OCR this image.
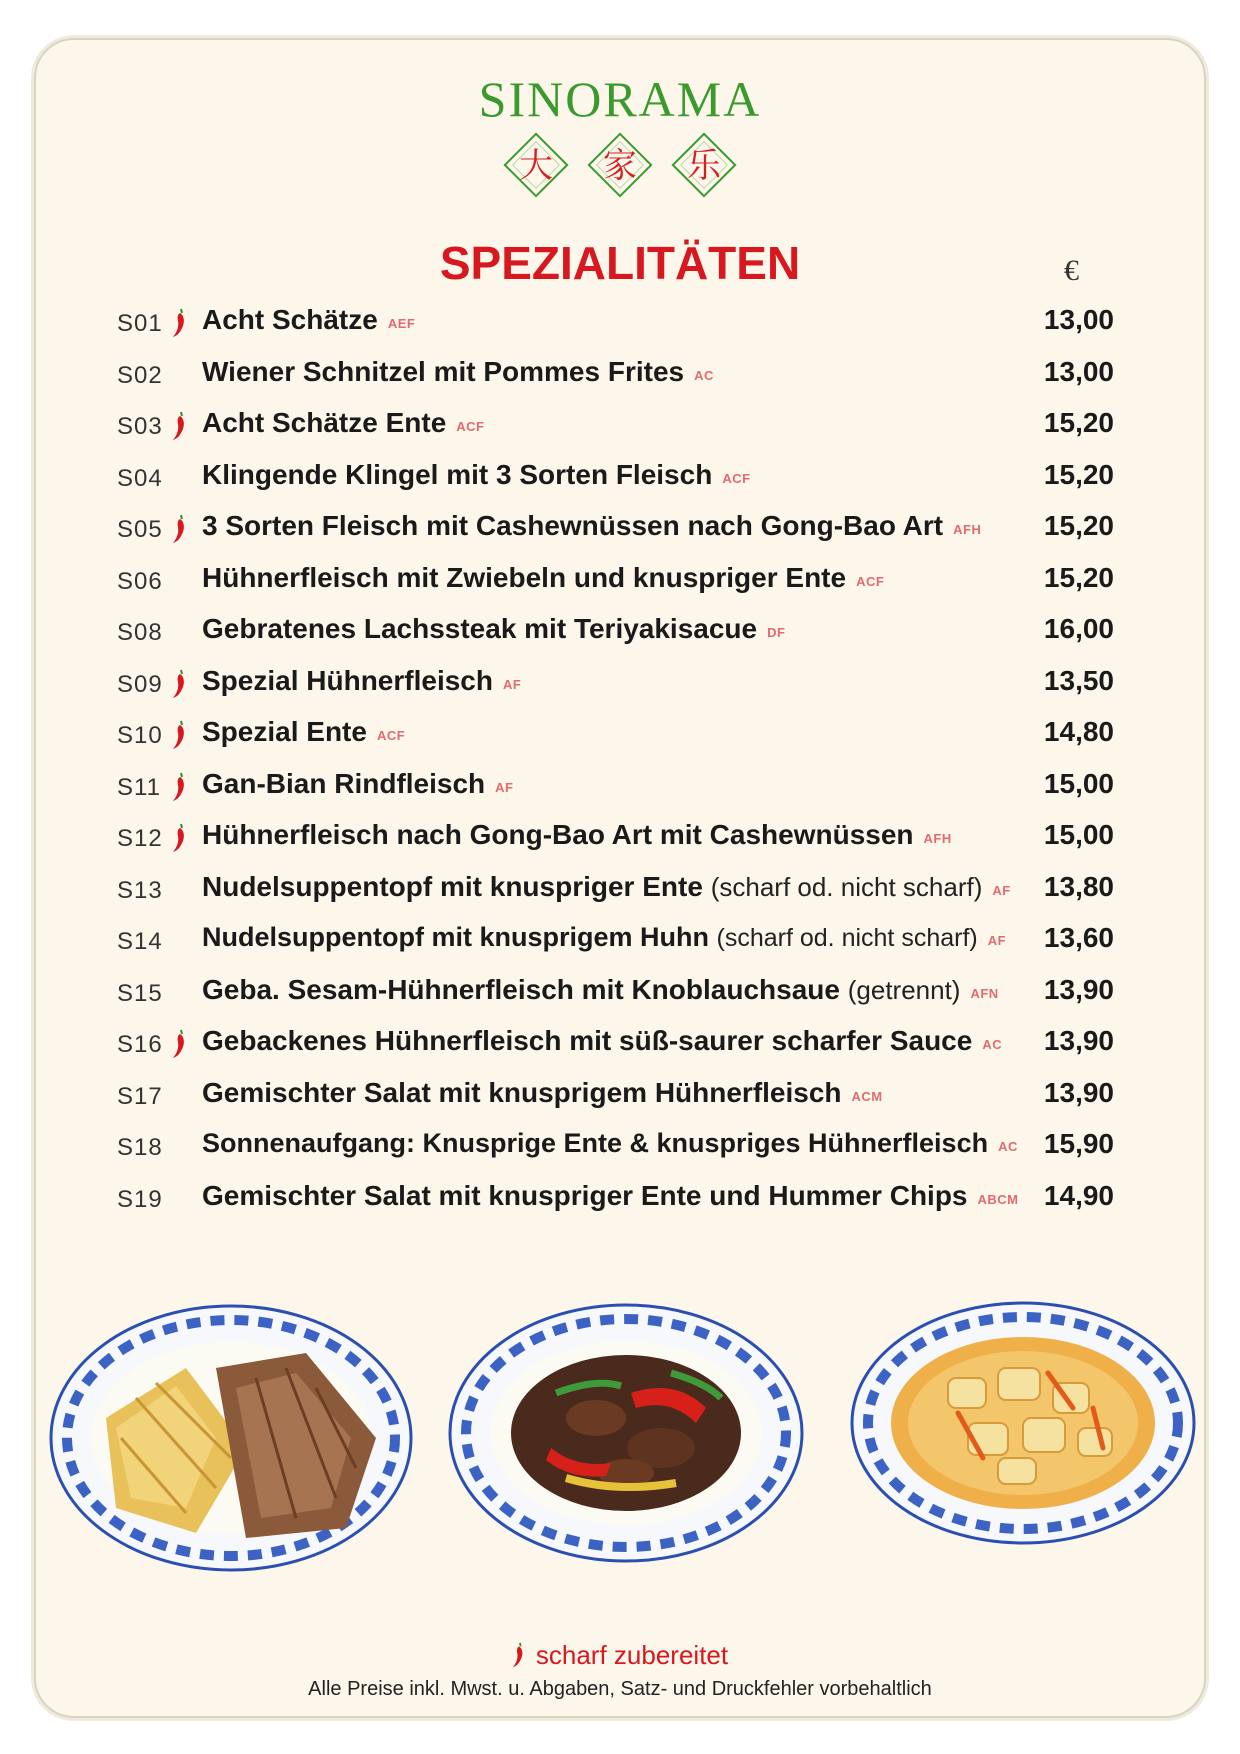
SINORAMA
大	家	乐
SPEZIALITÄTEN	€
S01 Acht Schätze AEF	13,00
S02 Wiener Schnitzel mit Pommes Frites AC	13,00
S03 Acht Schätze Ente ACF	15,20
S04 Klingende Klingel mit 3 Sorten Fleisch ACF	15,20
S05 3 Sorten Fleisch mit Cashewnüssen nach Gong-Bao Art AFH 15,20
S06 Hühnerfleisch mit Zwiebeln und knuspriger Ente ACF	15,20
S08 Gebratenes Lachssteak mit Teriyakisacue DF	16,00
S09 Spezial Hühnerfleisch AF	13,50
S10 Spezial Ente ACF	14,80
S11 Gan-Bian Rindfleisch AF	15,00
S12 Hühnerfleisch nach Gong-Bao Art mit Cashewnüssen AFH	15,00
S13 Nudelsuppentopf mit knuspriger Ente (scharf od. nicht scharf) AF 13,80
S14 Nudelsuppentopf mit knusprigem Huhn (scharf od. nicht scharf) AF 13,60
S15 Geba. Sesam-Hühnerfleisch mit Knoblauchsaue (getrennt) AFN 13,90
S16 Gebackenes Hühnerfleisch mit süß-saurer scharfer Sauce AC 13,90
S17 Gemischter Salat mit knusprigem Hühnerfleisch ACM	13,90
S18 Sonnenaufgang: Knusprige Ente & knuspriges Hühnerfleisch AC 15,90
S19 Gemischter Salat mit knuspriger Ente und Hummer Chips ABCM 14,90
scharf zubereitet
Alle Preise inkl. Mwst. u. Abgaben, Satz- und Druckfehler vorbehaltlich
